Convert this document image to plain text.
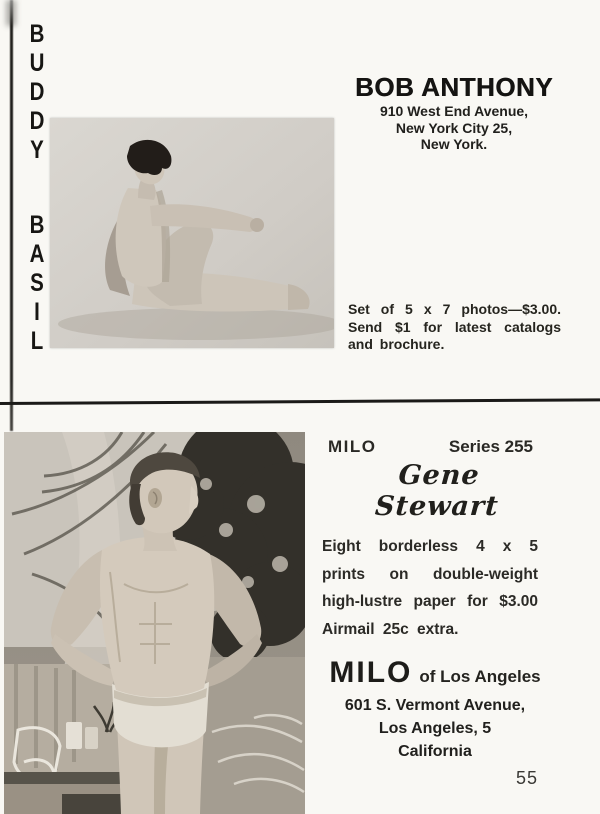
B
U
D
D
Y
B
A
S
I
L
BOB ANTHONY
910 West End Avenue,
New York City 25,
New York.
Set of 5 x 7 photos—$3.00. Send $1 for latest catalogs and brochure.
MILO	Series 255
Gene Stewart
Eight borderless 4 x 5 prints on double-weight high-lustre paper for $3.00 Airmail 25c extra.
MILO of Los Angeles
601 S. Vermont Avenue,
Los Angeles, 5
California
55
